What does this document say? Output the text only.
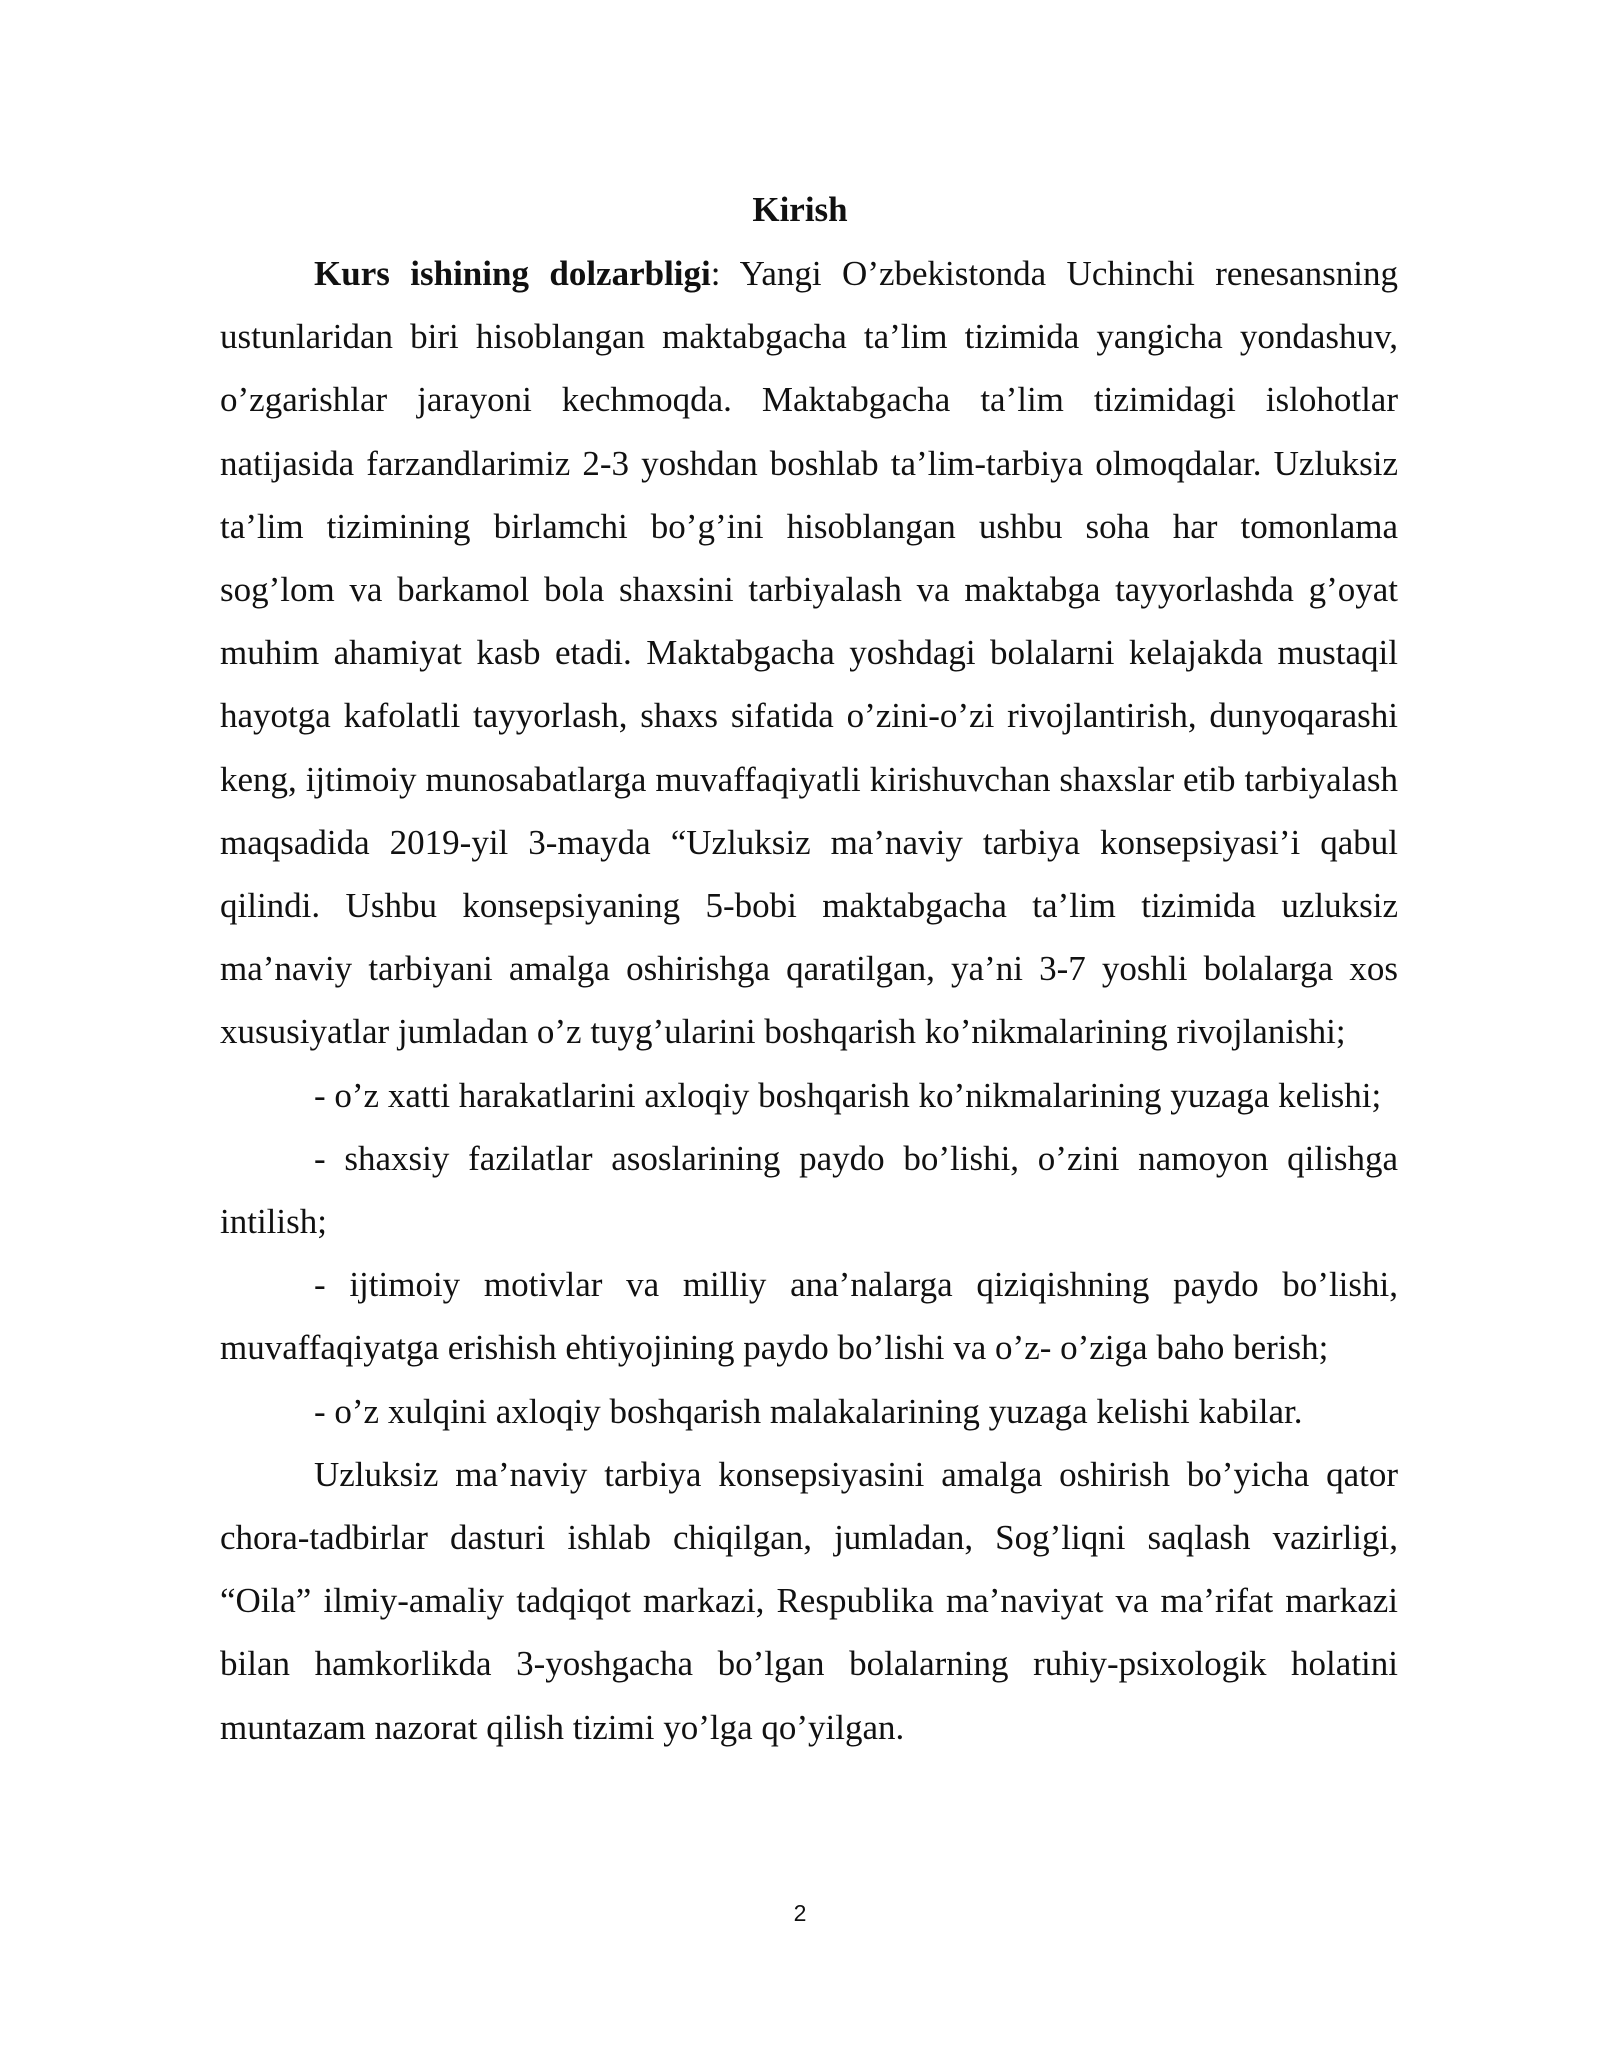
Kirish

Kurs ishining dolzarbligi: Yangi O’zbekistonda Uchinchi renesansning ustunlaridan biri hisoblangan maktabgacha ta’lim tizimida yangicha yondashuv, o’zgarishlar jarayoni kechmoqda. Maktabgacha ta’lim tizimidagi islohotlar natijasida farzandlarimiz 2-3 yoshdan boshlab ta’lim-tarbiya olmoqdalar. Uzluksiz ta’lim tizimining birlamchi bo’g’ini hisoblangan ushbu soha har tomonlama sog’lom va barkamol bola shaxsini tarbiyalash va maktabga tayyorlashda g’oyat muhim ahamiyat kasb etadi. Maktabgacha yoshdagi bolalarni kelajakda mustaqil hayotga kafolatli tayyorlash, shaxs sifatida o’zini-o’zi rivojlantirish, dunyoqarashi keng, ijtimoiy munosabatlarga muvaffaqiyatli kirishuvchan shaxslar etib tarbiyalash maqsadida 2019-yil 3-mayda “Uzluksiz ma’naviy tarbiya konsepsiyasi’i qabul qilindi. Ushbu konsepsiyaning 5-bobi maktabgacha ta’lim tizimida uzluksiz ma’naviy tarbiyani amalga oshirishga qaratilgan, ya’ni 3-7 yoshli bolalarga xos xususiyatlar jumladan o’z tuyg’ularini boshqarish ko’nikmalarining rivojlanishi;

- o’z xatti harakatlarini axloqiy boshqarish ko’nikmalarining yuzaga kelishi;

- shaxsiy fazilatlar asoslarining paydo bo’lishi, o’zini namoyon qilishga intilish;

- ijtimoiy motivlar va milliy ana’nalarga qiziqishning paydo bo’lishi, muvaffaqiyatga erishish ehtiyojining paydo bo’lishi va o’z- o’ziga baho berish;

- o’z xulqini axloqiy boshqarish malakalarining yuzaga kelishi kabilar.

Uzluksiz ma’naviy tarbiya konsepsiyasini amalga oshirish bo’yicha qator chora-tadbirlar dasturi ishlab chiqilgan, jumladan, Sog’liqni saqlash vazirligi, “Oila” ilmiy-amaliy tadqiqot markazi, Respublika ma’naviyat va ma’rifat markazi bilan hamkorlikda 3-yoshgacha bo’lgan bolalarning ruhiy-psixologik holatini muntazam nazorat qilish tizimi yo’lga qo’yilgan.

2
